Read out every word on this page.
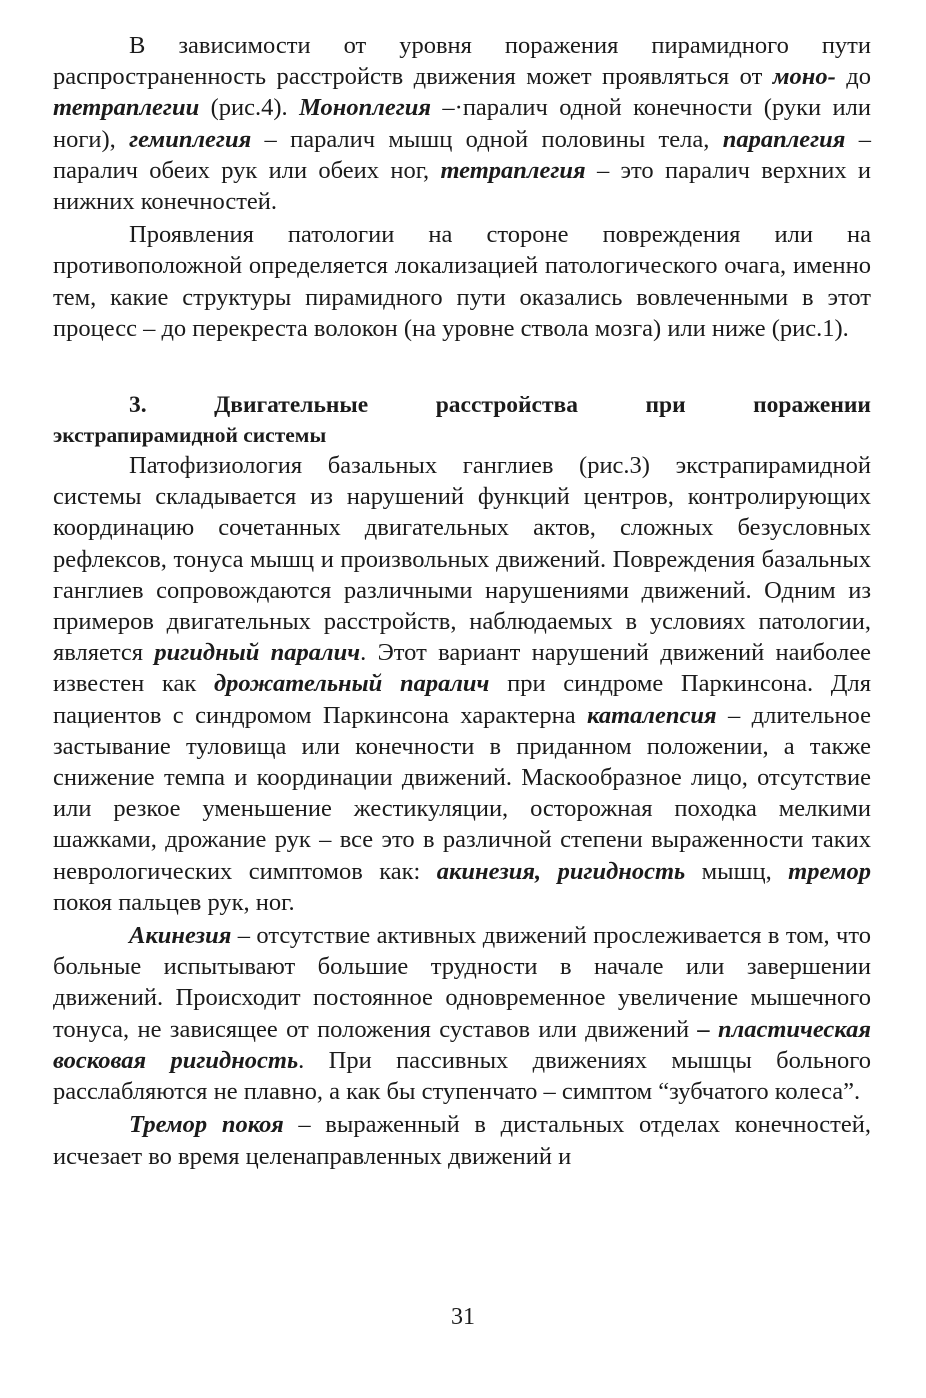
В зависимости от уровня поражения пирамидного пути распространенность расстройств движения может проявляться от моно- до тетраплегии (рис.4). Моноплегия –·паралич одной конечности (руки или ноги), гемиплегия – паралич мышц одной половины тела, параплегия –паралич обеих рук или обеих ног, тетраплегия – это паралич верхних и нижних конечностей.

Проявления патологии на стороне повреждения или на противоположной определяется локализацией патологического очага, именно тем, какие структуры пирамидного пути оказались вовлеченными в этот процесс – до перекреста волокон (на уровне ствола мозга) или ниже (рис.1).

3.	Двигательные	расстройства	при	поражении
экстрапирамидной системы

Патофизиология базальных ганглиев (рис.3) экстрапирамидной системы складывается из нарушений функций центров, контролирующих координацию сочетанных двигательных актов, сложных безусловных рефлексов, тонуса мышц и произвольных движений. Повреждения базальных ганглиев сопровождаются различными нарушениями движений. Одним из примеров двигательных расстройств, наблюдаемых в условиях патологии, является ригидный паралич. Этот вариант нарушений движений наиболее известен как дрожательный паралич при синдроме Паркинсона. Для пациентов с синдромом Паркинсона характерна каталепсия – длительное застывание туловища или конечности в приданном положении, а также снижение темпа и координации движений. Маскообразное лицо, отсутствие или резкое уменьшение жестикуляции, осторожная походка мелкими шажками, дрожание рук – все это в различной степени выраженности таких неврологических симптомов как: акинезия, ригидность мышц, тремор покоя пальцев рук, ног.

Акинезия – отсутствие активных движений прослеживается в том, что больные испытывают большие трудности в начале или завершении движений. Происходит постоянное одновременное увеличение мышечного тонуса, не зависящее от положения суставов или движений – пластическая восковая ригидность. При пассивных движениях мышцы больного расслабляются не плавно, а как бы ступенчато – симптом “зубчатого колеса”.

Тремор покоя – выраженный в дистальных отделах конечностей, исчезает во время целенаправленных движений и

31
